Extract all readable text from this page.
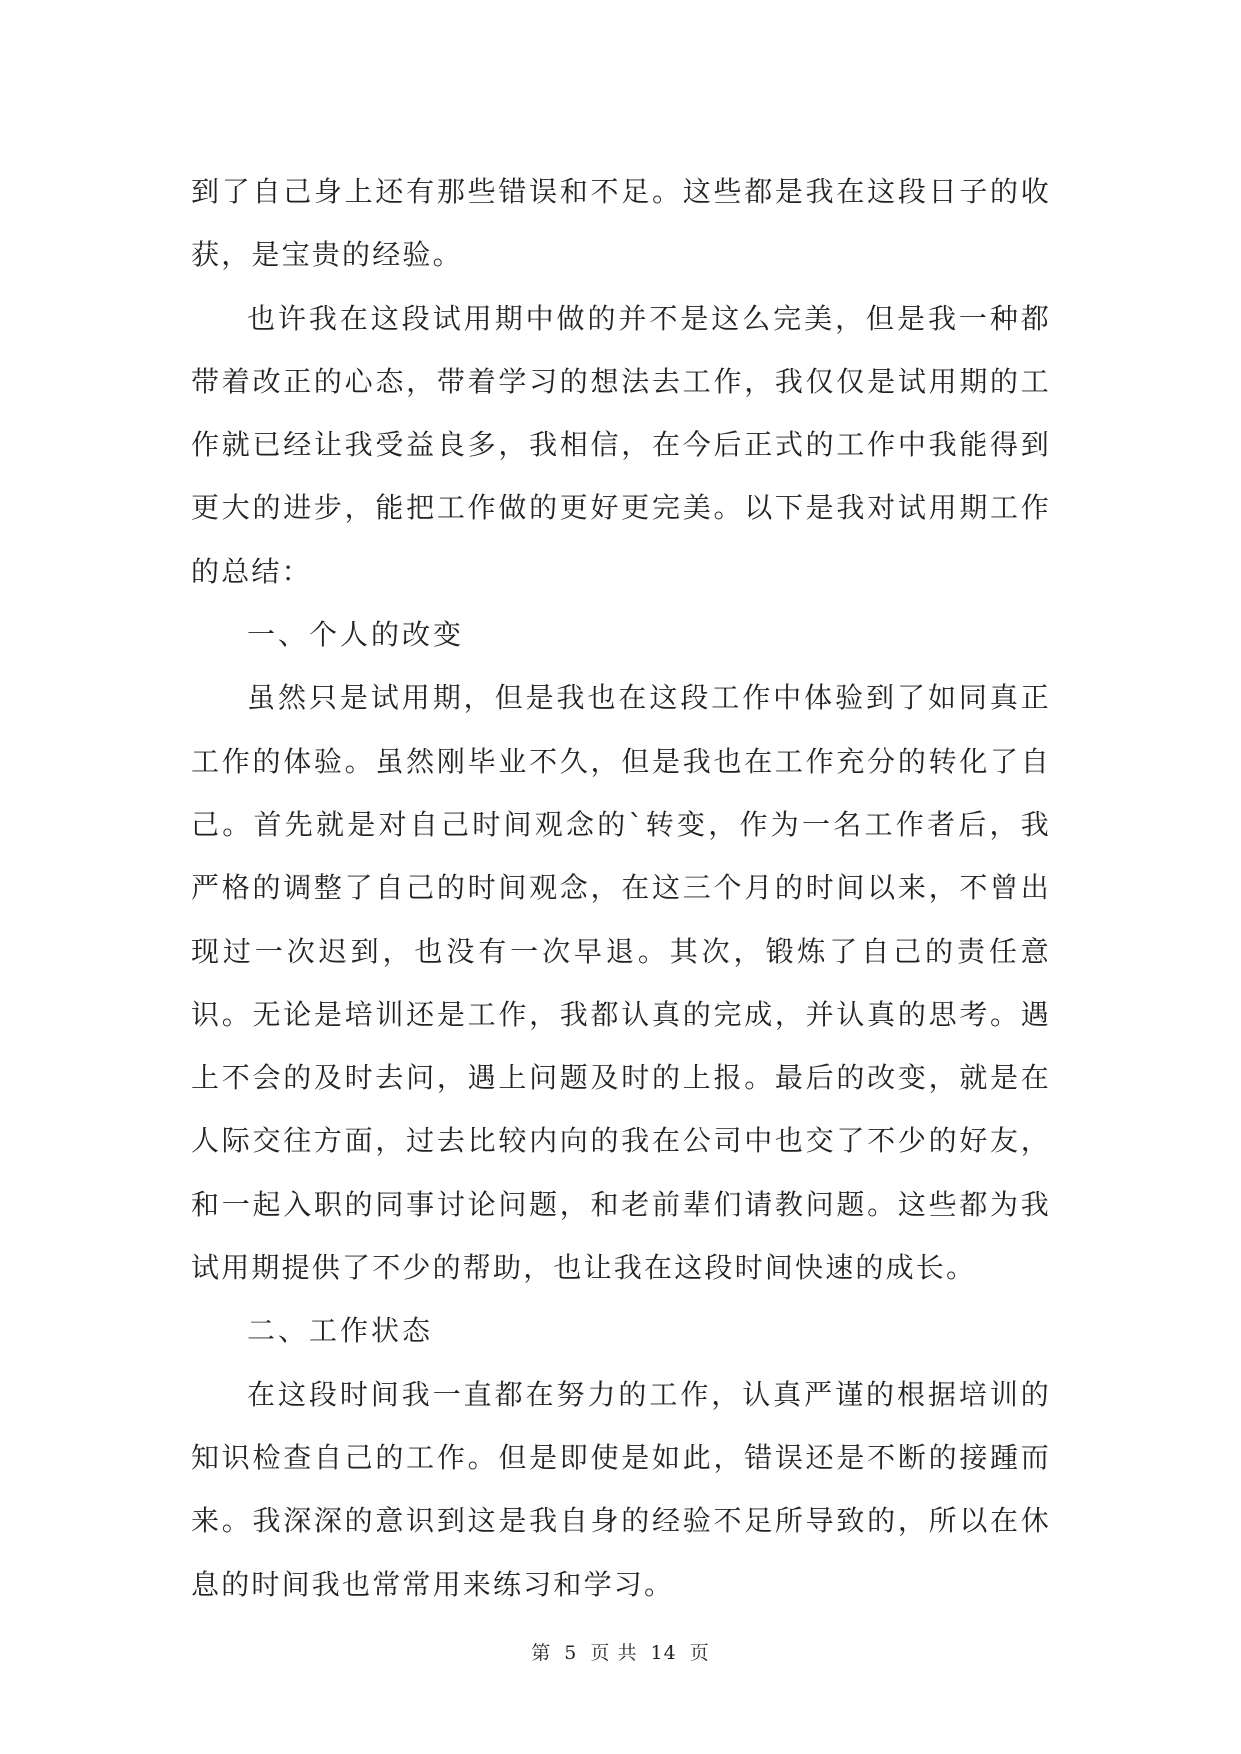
到了自己身上还有那些错误和不足。这些都是我在这段日子的收获，是宝贵的经验。

也许我在这段试用期中做的并不是这么完美，但是我一种都带着改正的心态，带着学习的想法去工作，我仅仅是试用期的工作就已经让我受益良多，我相信，在今后正式的工作中我能得到更大的进步，能把工作做的更好更完美。以下是我对试用期工作的总结：

一、个人的改变

虽然只是试用期，但是我也在这段工作中体验到了如同真正工作的体验。虽然刚毕业不久，但是我也在工作充分的转化了自己。首先就是对自己时间观念的`转变，作为一名工作者后，我严格的调整了自己的时间观念，在这三个月的时间以来，不曾出现过一次迟到，也没有一次早退。其次，锻炼了自己的责任意识。无论是培训还是工作，我都认真的完成，并认真的思考。遇上不会的及时去问，遇上问题及时的上报。最后的改变，就是在人际交往方面，过去比较内向的我在公司中也交了不少的好友，和一起入职的同事讨论问题，和老前辈们请教问题。这些都为我试用期提供了不少的帮助，也让我在这段时间快速的成长。

二、工作状态

在这段时间我一直都在努力的工作，认真严谨的根据培训的知识检查自己的工作。但是即使是如此，错误还是不断的接踵而来。我深深的意识到这是我自身的经验不足所导致的，所以在休息的时间我也常常用来练习和学习。

第 5 页 共 14 页
